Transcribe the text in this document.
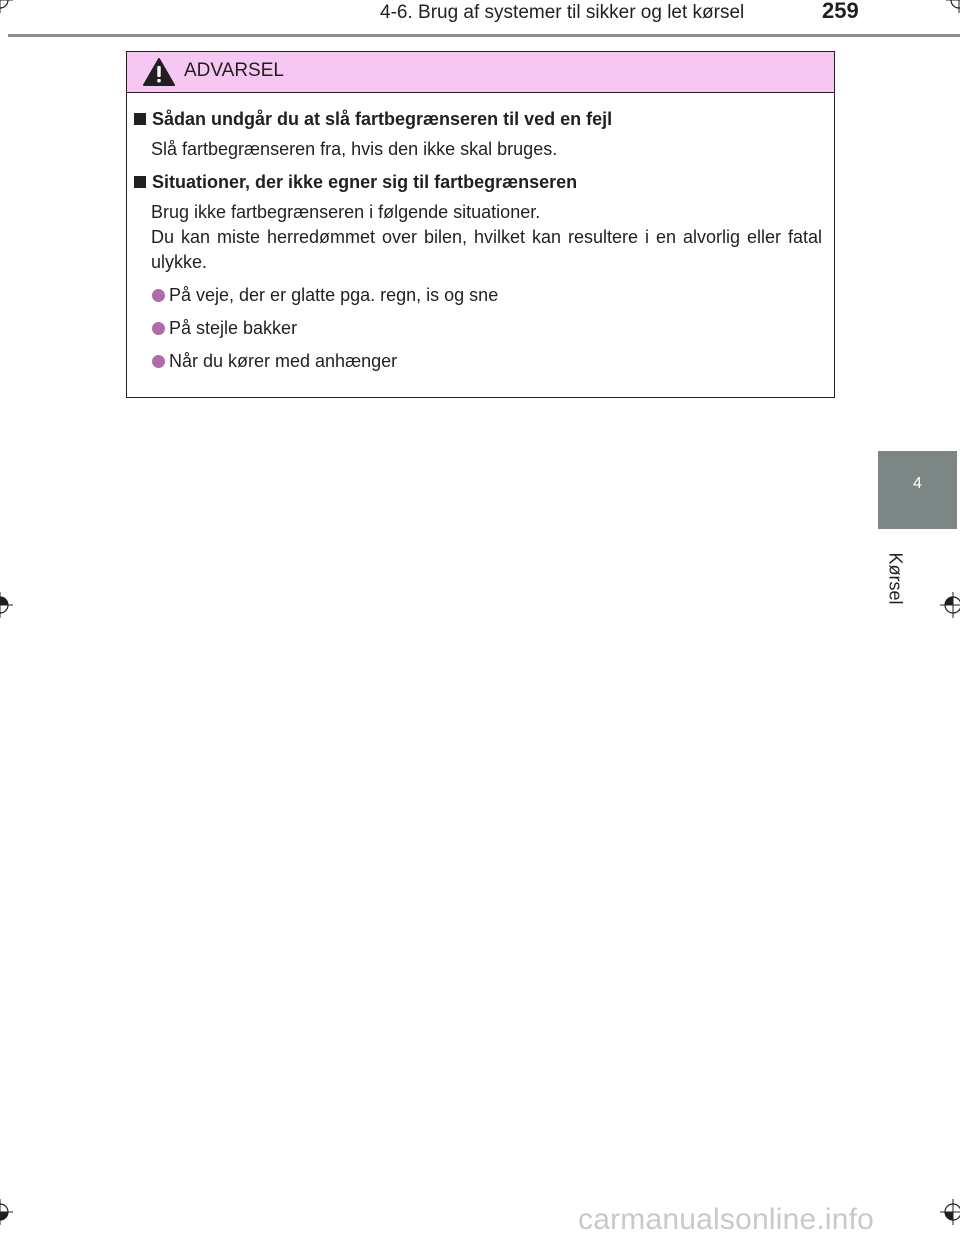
4-6. Brug af systemer til sikker og let kørsel	259
ADVARSEL
Sådan undgår du at slå fartbegrænseren til ved en fejl
Slå fartbegrænseren fra, hvis den ikke skal bruges.
Situationer, der ikke egner sig til fartbegrænseren
Brug ikke fartbegrænseren i følgende situationer.
Du kan miste herredømmet over bilen, hvilket kan resultere i en alvorlig eller fatal ulykke.
På veje, der er glatte pga. regn, is og sne
På stejle bakker
Når du kører med anhænger
4
Kørsel
carmanualsonline.info
